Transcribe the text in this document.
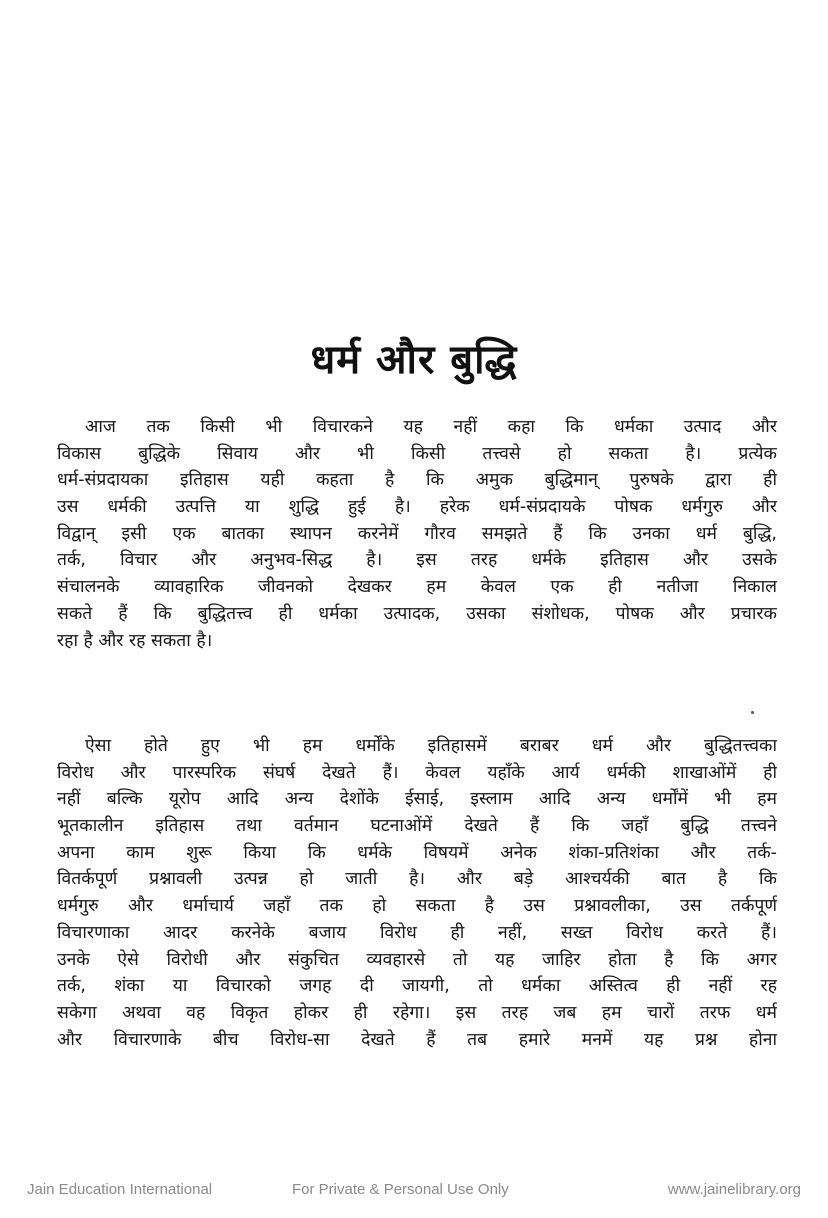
धर्म और बुद्धि
आज तक किसी भी विचारकने यह नहीं कहा कि धर्मका उत्पाद और
विकास बुद्धिके सिवाय और भी किसी तत्त्वसे हो सकता है। प्रत्येक
धर्म-संप्रदायका इतिहास यही कहता है कि अमुक बुद्धिमान् पुरुषके द्वारा ही
उस धर्मकी उत्पत्ति या शुद्धि हुई है। हरेक धर्म-संप्रदायके पोषक धर्मगुरु और
विद्वान् इसी एक बातका स्थापन करनेमें गौरव समझते हैं कि उनका धर्म बुद्धि,
तर्क, विचार और अनुभव-सिद्ध है। इस तरह धर्मके इतिहास और उसके
संचालनके व्यावहारिक जीवनको देखकर हम केवल एक ही नतीजा निकाल
सकते हैं कि बुद्धितत्त्व ही धर्मका उत्पादक, उसका संशोधक, पोषक और प्रचारक
रहा है और रह सकता है।
ऐसा होते हुए भी हम धर्मोंके इतिहासमें बराबर धर्म और बुद्धितत्त्वका
विरोध और पारस्परिक संघर्ष देखते हैं। केवल यहाँके आर्य धर्मकी शाखाओंमें ही
नहीं बल्कि यूरोप आदि अन्य देशोंके ईसाई, इस्लाम आदि अन्य धर्मोंमें भी हम
भूतकालीन इतिहास तथा वर्तमान घटनाओंमें देखते हैं कि जहाँ बुद्धि तत्त्वने
अपना काम शुरू किया कि धर्मके विषयमें अनेक शंका-प्रतिशंका और तर्क-
वितर्कपूर्ण प्रश्नावली उत्पन्न हो जाती है। और बड़े आश्चर्यकी बात है कि
धर्मगुरु और धर्माचार्य जहाँ तक हो सकता है उस प्रश्नावलीका, उस तर्कपूर्ण
विचारणाका आदर करनेके बजाय विरोध ही नहीं, सख्त विरोध करते हैं।
उनके ऐसे विरोधी और संकुचित व्यवहारसे तो यह जाहिर होता है कि अगर
तर्क, शंका या विचारको जगह दी जायगी, तो धर्मका अस्तित्व ही नहीं रह
सकेगा अथवा वह विकृत होकर ही रहेगा। इस तरह जब हम चारों तरफ धर्म
और विचारणाके बीच विरोध-सा देखते हैं तब हमारे मनमें यह प्रश्न होना
Jain Education International	For Private & Personal Use Only	www.jainelibrary.org
